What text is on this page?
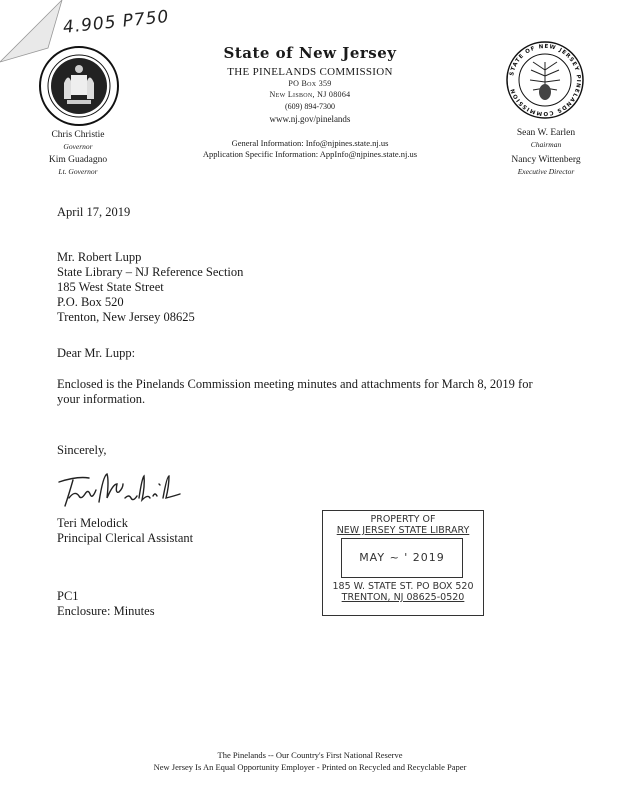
4.905 P750
STATE OF NEW JERSEY PINELANDS COMMISSION
State of New Jersey
THE PINELANDS COMMISSION
PO Box 359
New Lisbon, NJ 08064
(609) 894-7300
www.nj.gov/pinelands
General Information: Info@njpines.state.nj.us
Application Specific Information: AppInfo@njpines.state.nj.us
Chris Christie
Governor
Kim Guadagno
Lt. Governor
Sean W. Earlen
Chairman
Nancy Wittenberg
Executive Director
April 17, 2019
Mr. Robert Lupp
State Library – NJ Reference Section
185 West State Street
P.O. Box 520
Trenton, New Jersey 08625
Dear Mr. Lupp:
Enclosed is the Pinelands Commission meeting minutes and attachments for March 8, 2019 for your information.
Sincerely,
Teri Melodick
Principal Clerical Assistant
PC1
Enclosure: Minutes
PROPERTY OF
NEW JERSEY STATE LIBRARY
MAY ~ ' 2019
185 W. STATE ST. PO BOX 520
TRENTON, NJ 08625-0520
The Pinelands -- Our Country's First National Reserve
New Jersey Is An Equal Opportunity Employer - Printed on Recycled and Recyclable Paper
